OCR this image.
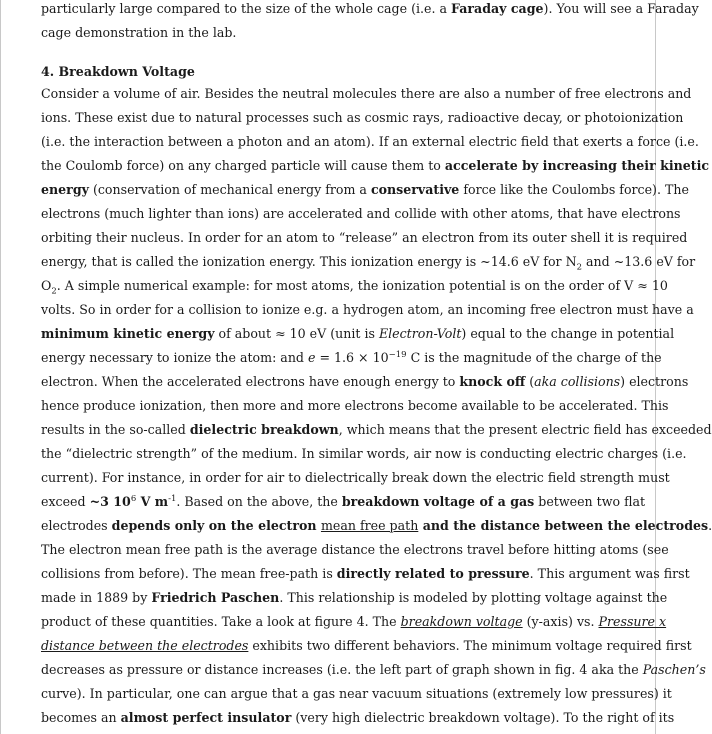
particularly large compared to the size of the whole cage (i.e. a Faraday cage). You will see a Faraday
cage demonstration in the lab.
4. Breakdown Voltage
Consider a volume of air. Besides the neutral molecules there are also a number of free electrons and
ions. These exist due to natural processes such as cosmic rays, radioactive decay, or photoionization
(i.e. the interaction between a photon and an atom). If an external electric field that exerts a force (i.e.
the Coulomb force) on any charged particle will cause them to accelerate by increasing their kinetic
energy (conservation of mechanical energy from a conservative force like the Coulombs force). The
electrons (much lighter than ions) are accelerated and collide with other atoms, that have electrons
orbiting their nucleus. In order for an atom to “release” an electron from its outer shell it is required
energy, that is called the ionization energy. This ionization energy is ~14.6 eV for $N_2$ and ~13.6 eV for
$O_2$. A simple numerical example: for most atoms, the ionization potential is on the order of V ≈ 10
volts. So in order for a collision to ionize e.g. a hydrogen atom, an incoming free electron must have a
minimum kinetic energy of about ≈ 10 eV (unit is Electron-Volt) equal to the change in potential
energy necessary to ionize the atom: and $e = 1.6 \times 10^{-19}$ C is the magnitude of the charge of the
electron. When the accelerated electrons have enough energy to knock off (aka collisions) electrons
hence produce ionization, then more and more electrons become available to be accelerated. This
results in the so-called dielectric breakdown, which means that the present electric field has exceeded
the “dielectric strength” of the medium. In similar words, air now is conducting electric charges (i.e.
current). For instance, in order for air to dielectrically break down the electric field strength must
exceed ~3 $10^6$ V $m^{-1}$. Based on the above, the breakdown voltage of a gas between two flat
electrodes depends only on the electron mean free path and the distance between the electrodes.
The electron mean free path is the average distance the electrons travel before hitting atoms (see
collisions from before). The mean free-path is directly related to pressure. This argument was first
made in 1889 by Friedrich Paschen. This relationship is modeled by plotting voltage against the
product of these quantities. Take a look at figure 4. The breakdown voltage (y-axis) vs. Pressure x
distance between the electrodes exhibits two different behaviors. The minimum voltage required first
decreases as pressure or distance increases (i.e. the left part of graph shown in fig. 4 aka the Paschen’s
curve). In particular, one can argue that a gas near vacuum situations (extremely low pressures) it
becomes an almost perfect insulator (very high dielectric breakdown voltage). To the right of its
